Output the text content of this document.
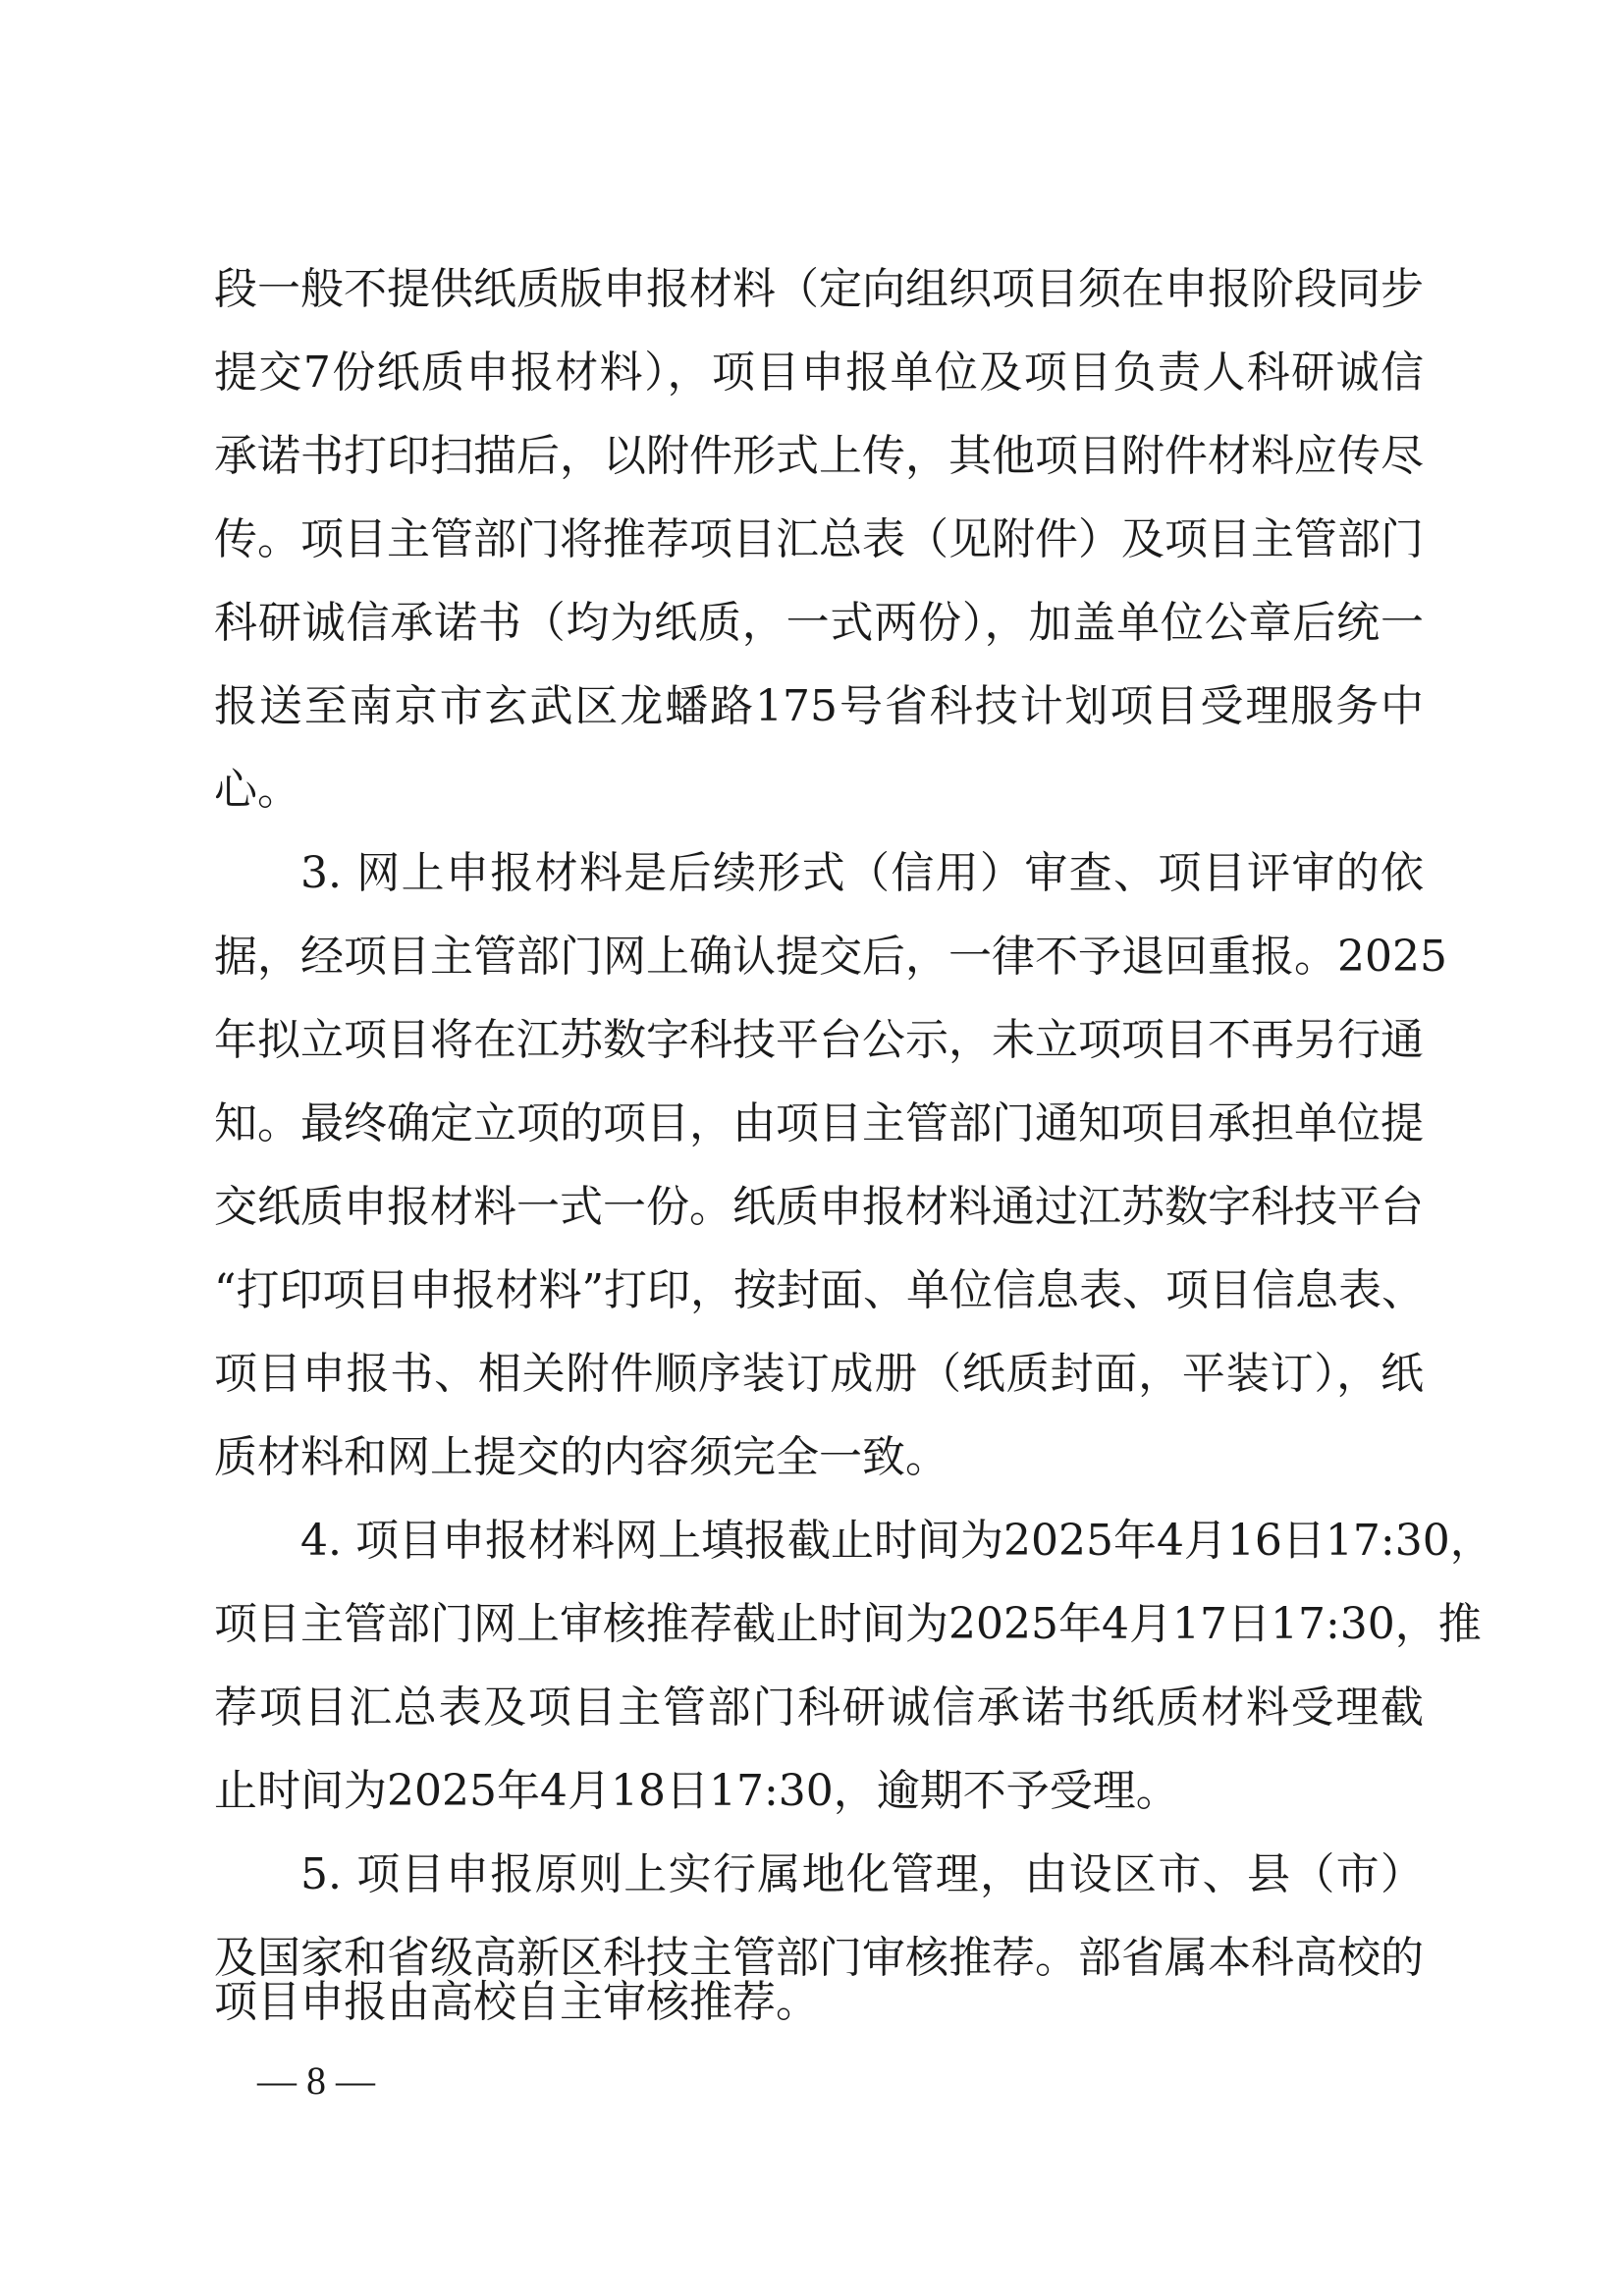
段一般不提供纸质版申报材料（定向组织项目须在申报阶段同步
提交7份纸质申报材料），项目申报单位及项目负责人科研诚信
承诺书打印扫描后，以附件形式上传，其他项目附件材料应传尽
传。项目主管部门将推荐项目汇总表（见附件）及项目主管部门
科研诚信承诺书（均为纸质，一式两份），加盖单位公章后统一
报送至南京市玄武区龙蟠路175号省科技计划项目受理服务中
心。
3. 网上申报材料是后续形式（信用）审查、项目评审的依
据，经项目主管部门网上确认提交后，一律不予退回重报。2025
年拟立项目将在江苏数字科技平台公示，未立项项目不再另行通
知。最终确定立项的项目，由项目主管部门通知项目承担单位提
交纸质申报材料一式一份。纸质申报材料通过江苏数字科技平台
“打印项目申报材料”打印，按封面、单位信息表、项目信息表、
项目申报书、相关附件顺序装订成册（纸质封面，平装订），纸
质材料和网上提交的内容须完全一致。
4. 项目申报材料网上填报截止时间为2025年4月16日17:30，
项目主管部门网上审核推荐截止时间为2025年4月17日17:30，推
荐项目汇总表及项目主管部门科研诚信承诺书纸质材料受理截
止时间为2025年4月18日17:30，逾期不予受理。
5. 项目申报原则上实行属地化管理，由设区市、县（市）
及国家和省级高新区科技主管部门审核推荐。部省属本科高校的
项目申报由高校自主审核推荐。
— 8 —
